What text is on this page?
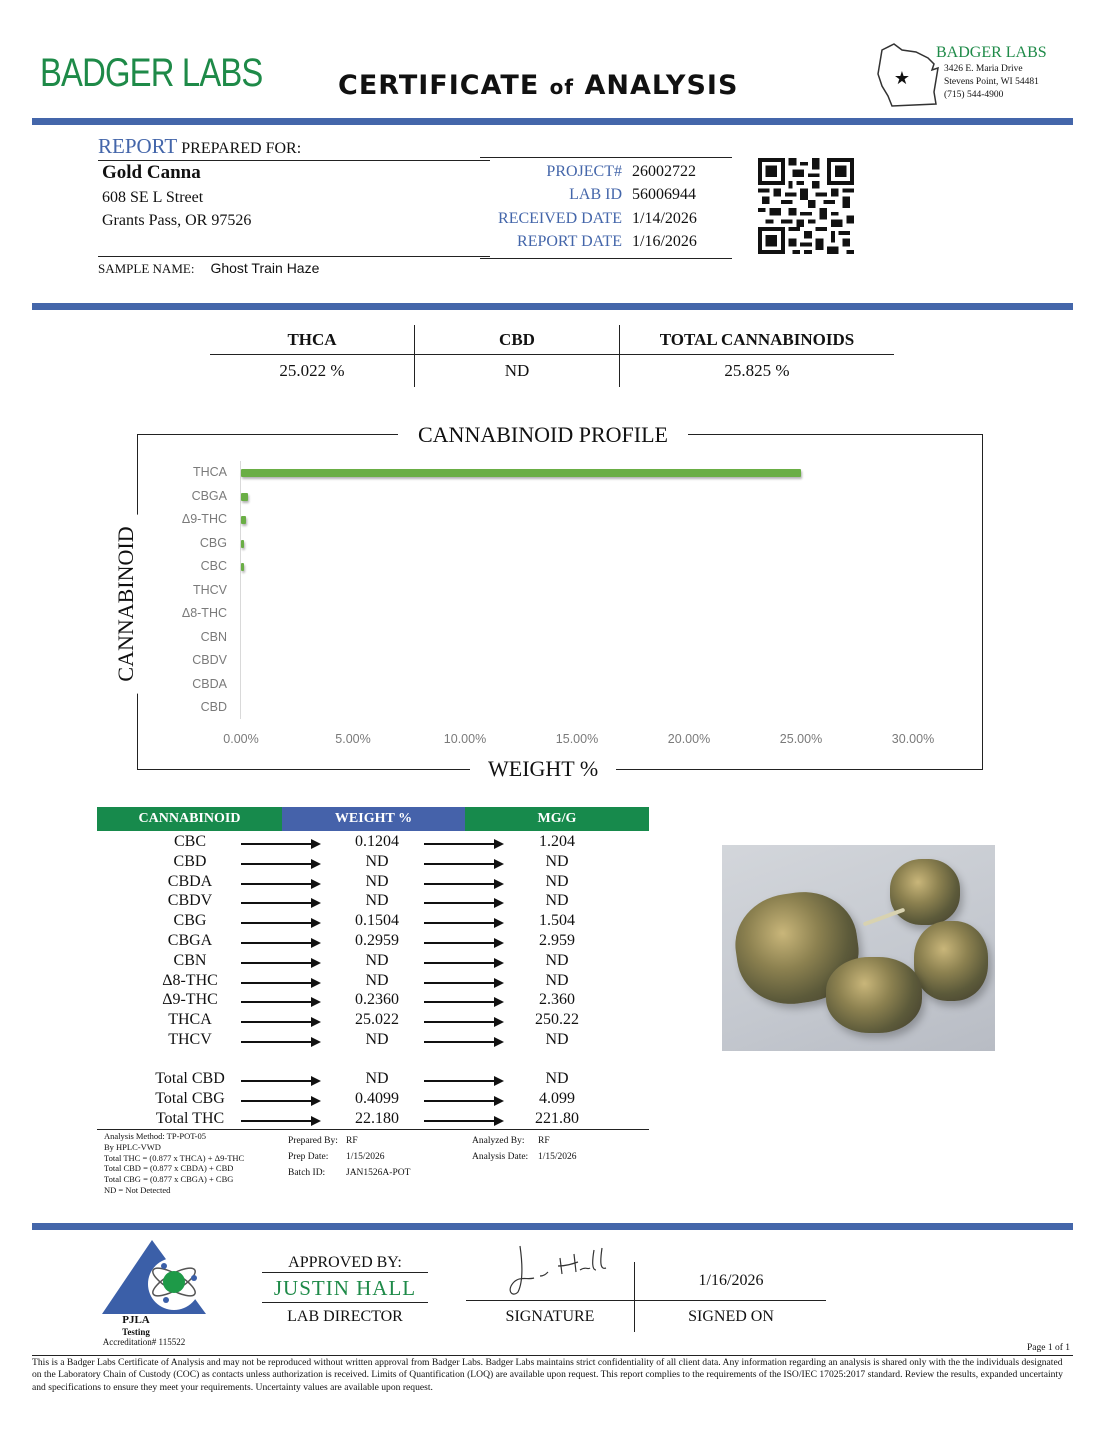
BADGER LABS	CERTIFICATE of ANALYSIS	★
BADGER LABS
3426 E. Maria Drive
Stevens Point, WI 54481
(715) 544-4900
REPORT PREPARED FOR:
Gold Canna
608 SE L Street
Grants Pass, OR 97526
PROJECT# 26002722
LAB ID 56006944
RECEIVED DATE 1/14/2026
REPORT DATE 1/16/2026
SAMPLE NAME: Ghost Train Haze
THCA	CBD	TOTAL CANNABINOIDS
25.022 %	ND	25.825 %
CANNABINOID PROFILE
WEIGHT %
CANNABINOID
THCA
CBGA
Δ9-THC
CBG
CBC
THCV
Δ8-THC
CBN
CBDV
CBDA
CBD
0.00%	5.00%	10.00%	15.00%	20.00%	25.00%	30.00%
CANNABINOID	WEIGHT %	MG/G
CBC	0.1204	1.204
CBD	ND	ND
CBDA	ND	ND
CBDV	ND	ND
CBG	0.1504	1.504
CBGA	0.2959	2.959
CBN	ND	ND
Δ8-THC	ND	ND
Δ9-THC	0.2360	2.360
THCA	25.022	250.22
THCV	ND	ND
Total CBD	ND	ND
Total CBG	0.4099	4.099
Total THC	22.180	221.80
Analysis Method: TP-POT-05
By HPLC-VWD
Total THC = (0.877 x THCA) + Δ9-THC
Total CBD = (0.877 x CBDA) + CBD
Total CBG = (0.877 x CBGA) + CBG
ND = Not Detected
Prepared By: RF
Prep Date:	1/15/2026
Batch ID:	JAN1526A-POT
Analyzed By:	RF
Analysis Date:	1/15/2026
PJLA
Testing
Accreditation# 115522
APPROVED BY:
JUSTIN HALL
LAB DIRECTOR	SIGNATURE
1/16/2026
SIGNED ON
Page 1 of 1
This is a Badger Labs Certificate of Analysis and may not be reproduced without written approval from Badger Labs. Badger Labs maintains strict confidentiality of all client data. Any information regarding an analysis is shared only with the the individuals designated on the Laboratory Chain of Custody (COC) as contacts unless authorization is received. Limits of Quantification (LOQ) are available upon request. This report complies to the requirements of the ISO/IEC 17025:2017 standard. Review the results, expanded uncertainty and specifications to ensure they meet your requirements. Uncertainty values are available upon request.
